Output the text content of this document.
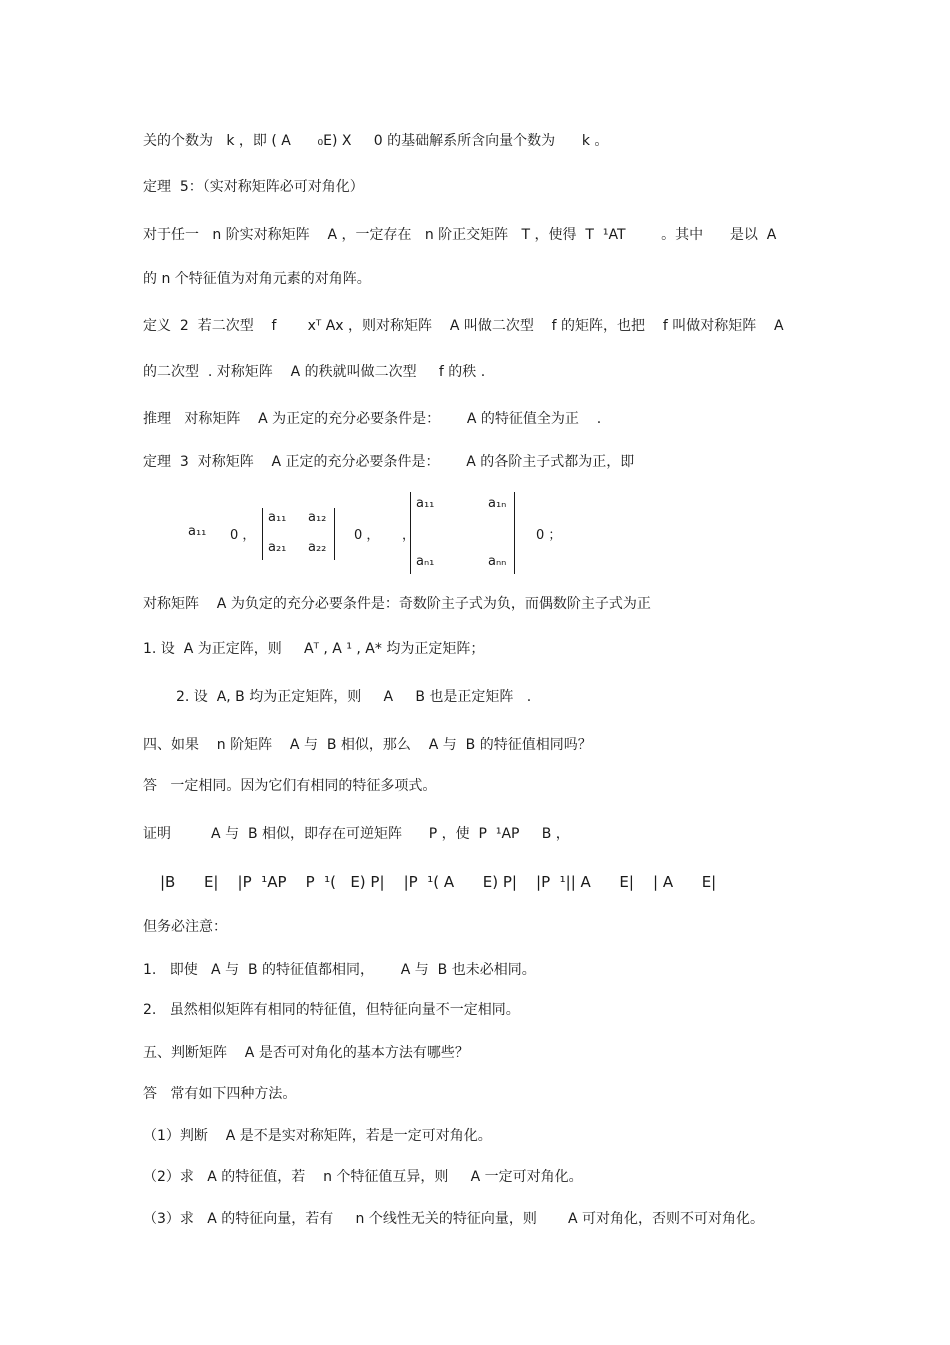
关的个数为   k ，即 ( A      ₀E) X     0 的基础解系所含向量个数为      k 。
定理  5：（实对称矩阵必可对角化）
对于任一   n 阶实对称矩阵    A ，一定存在   n 阶正交矩阵   T ，使得  T  ¹AT        。其中      是以  A
的 n 个特征值为对角元素的对角阵。
定义  2  若二次型    f       xᵀ Ax ，则对称矩阵    A 叫做二次型    f 的矩阵，也把    f 叫做对称矩阵    A
的二次型  . 对称矩阵    A 的秩就叫做二次型     f 的秩 .
推理   对称矩阵    A 为正定的充分必要条件是：      A 的特征值全为正    .
定理  3  对称矩阵    A 正定的充分必要条件是：      A 的各阶主子式都为正，即
a₁₁ 0 ，
a₁₁ a₁₂
a₂₁ a₂₂
0 ， ，
a₁₁	a₁ₙ
aₙ₁	aₙₙ
0 ；
对称矩阵    A 为负定的充分必要条件是：奇数阶主子式为负，而偶数阶主子式为正
1. 设  A 为正定阵，则     Aᵀ , A ¹ , A* 均为正定矩阵；
2. 设  A, B 均为正定矩阵，则     A     B 也是正定矩阵   .
四、如果    n 阶矩阵    A 与  B 相似，那么    A 与  B 的特征值相同吗？
答   一定相同。因为它们有相同的特征多项式。
证明         A 与  B 相似，即存在可逆矩阵      P ，使  P  ¹AP     B ，
|B      E|    |P  ¹AP    P  ¹(   E) P|    |P  ¹( A      E) P|    |P  ¹|| A      E|    | A      E|
但务必注意：
1.   即使   A 与  B 的特征值都相同，      A 与  B 也未必相同。
2.   虽然相似矩阵有相同的特征值，但特征向量不一定相同。
五、判断矩阵    A 是否可对角化的基本方法有哪些？
答   常有如下四种方法。
（1）判断    A 是不是实对称矩阵，若是一定可对角化。
（2）求   A 的特征值，若    n 个特征值互异，则     A 一定可对角化。
（3）求   A 的特征向量，若有     n 个线性无关的特征向量，则       A 可对角化，否则不可对角化。
